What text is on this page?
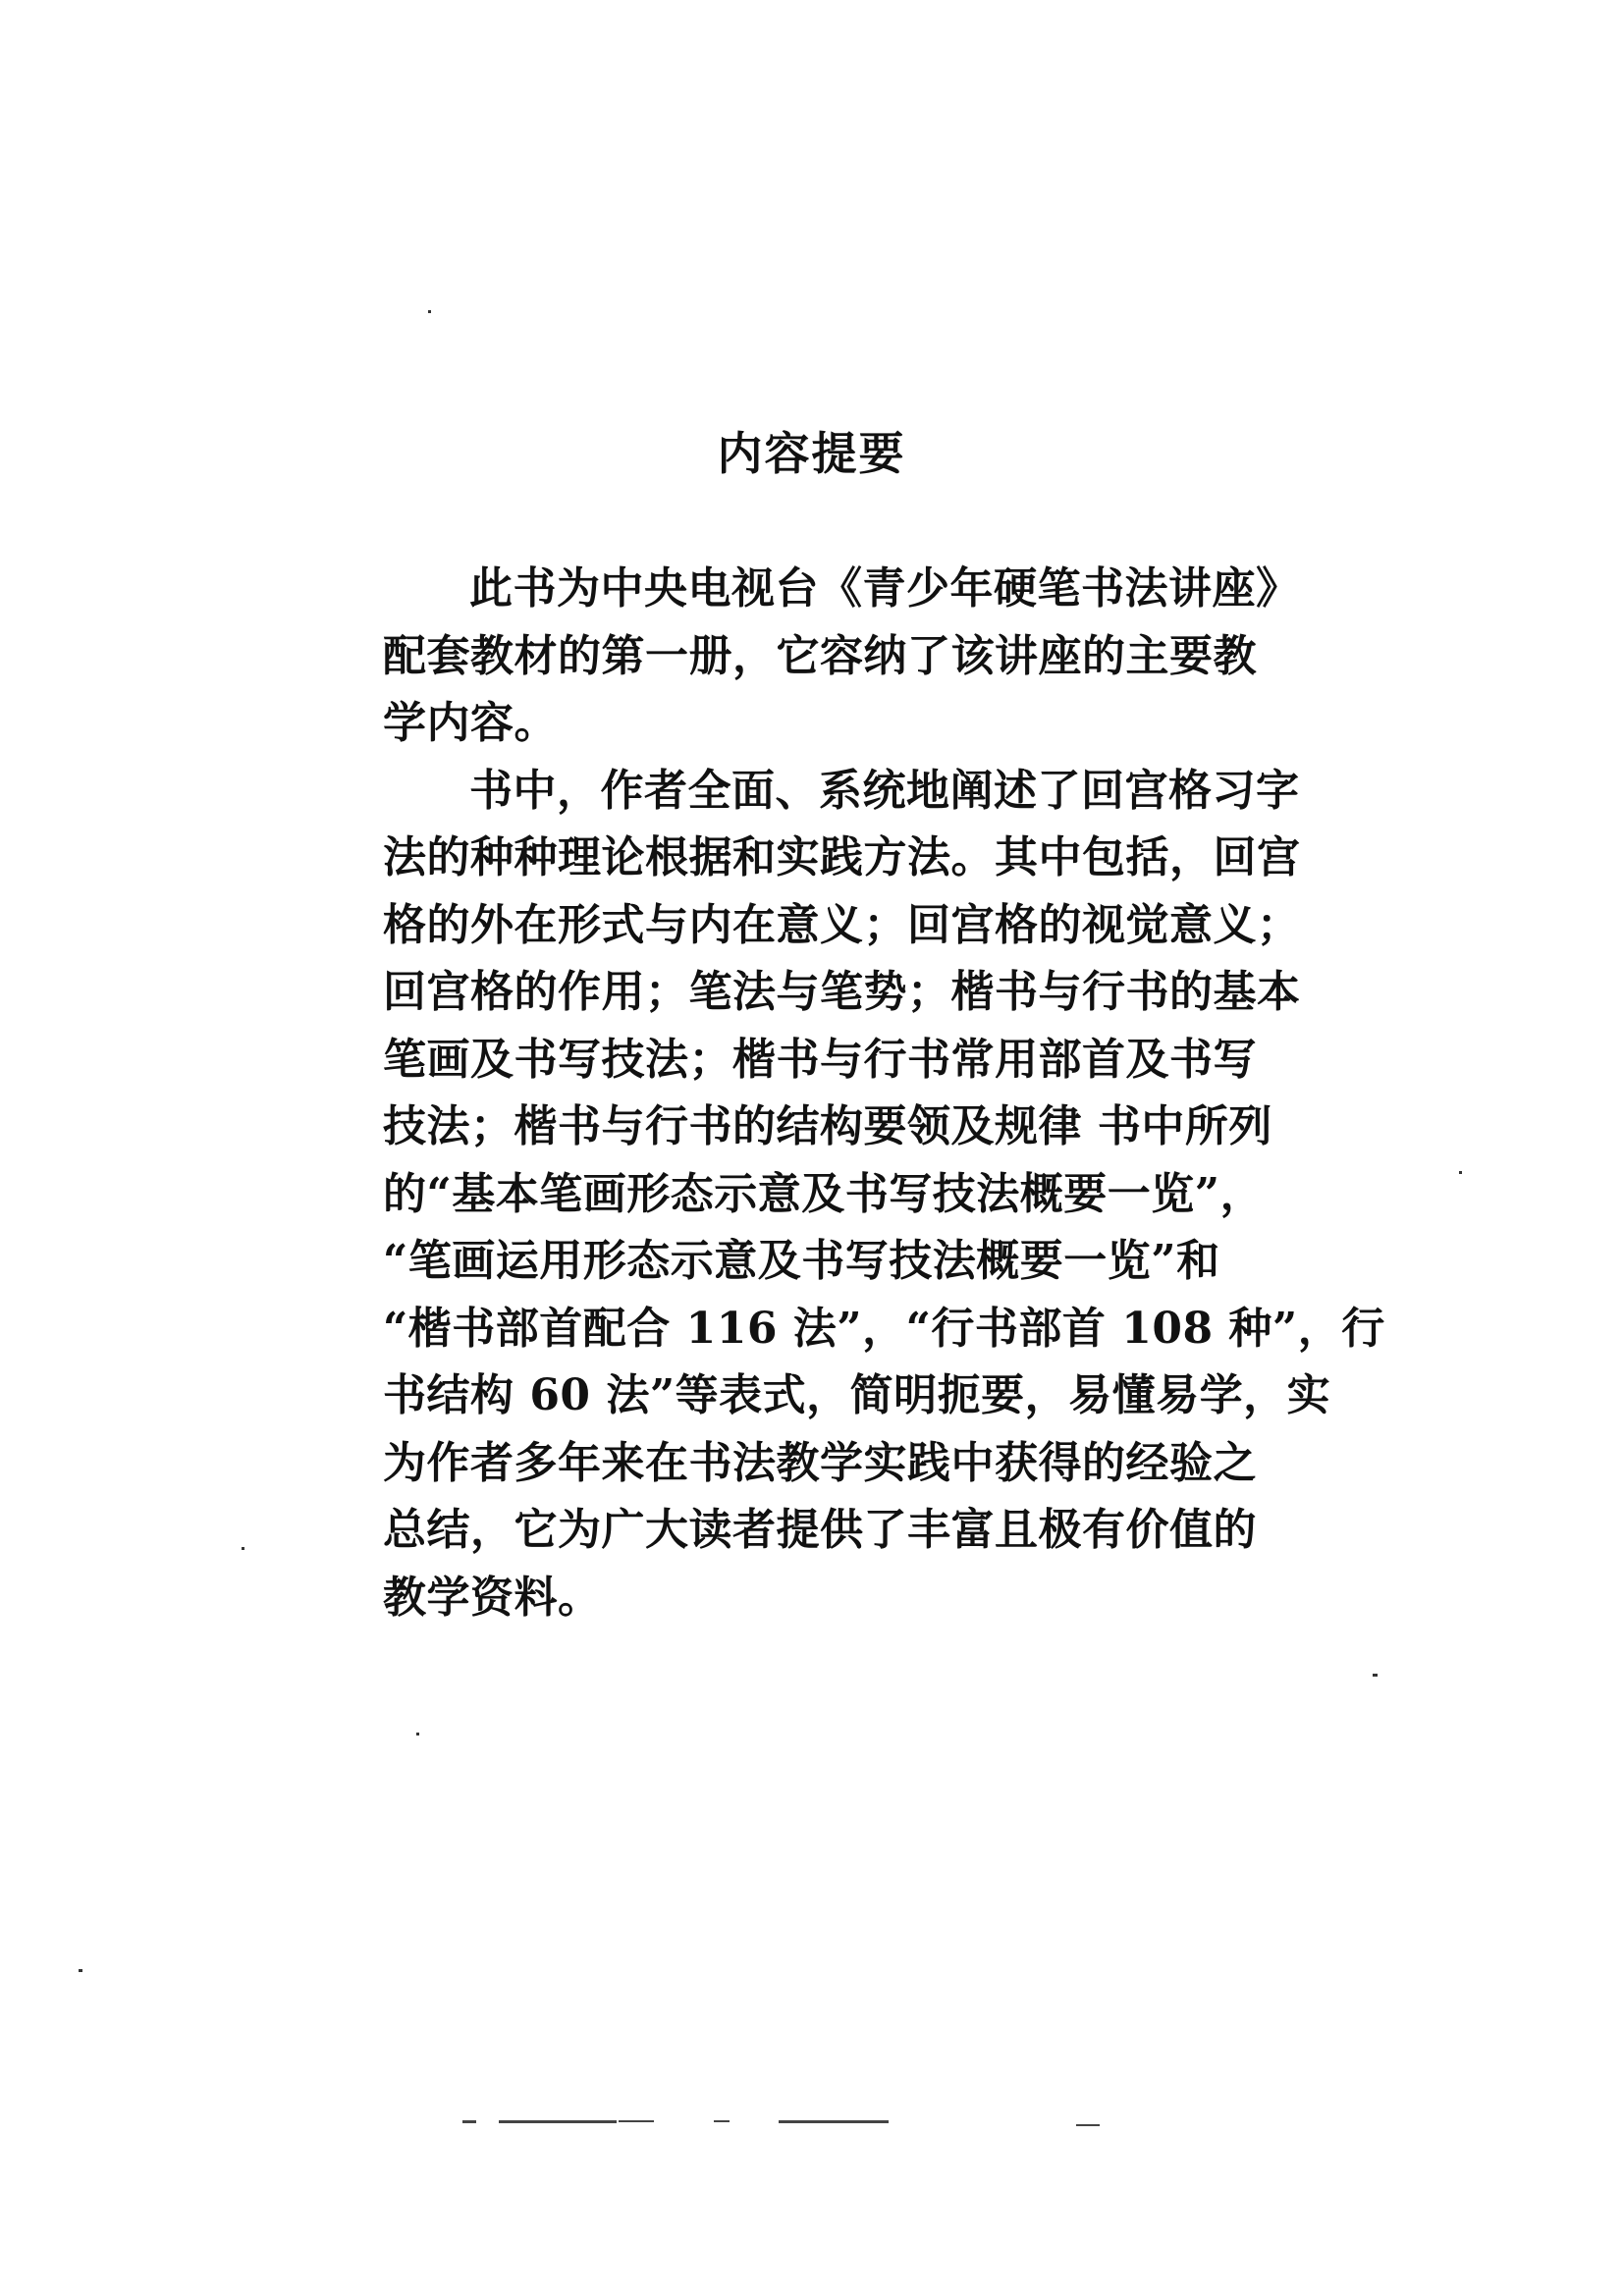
内容提要
此书为中央电视台《青少年硬笔书法讲座》
配套教材的第一册，它容纳了该讲座的主要教
学内容。
书中，作者全面、系统地阐述了回宫格习字
法的种种理论根据和实践方法。其中包括，回宫
格的外在形式与内在意义；回宫格的视觉意义；
回宫格的作用；笔法与笔势；楷书与行书的基本
笔画及书写技法；楷书与行书常用部首及书写
技法；楷书与行书的结构要领及规律 书中所列
的“基本笔画形态示意及书写技法概要一览”，
“笔画运用形态示意及书写技法概要一览”和
“楷书部首配合 116 法”，“行书部首 108 种”，行
书结构 60 法”等表式，简明扼要，易懂易学，实
为作者多年来在书法教学实践中获得的经验之
总结，它为广大读者提供了丰富且极有价值的
教学资料。
